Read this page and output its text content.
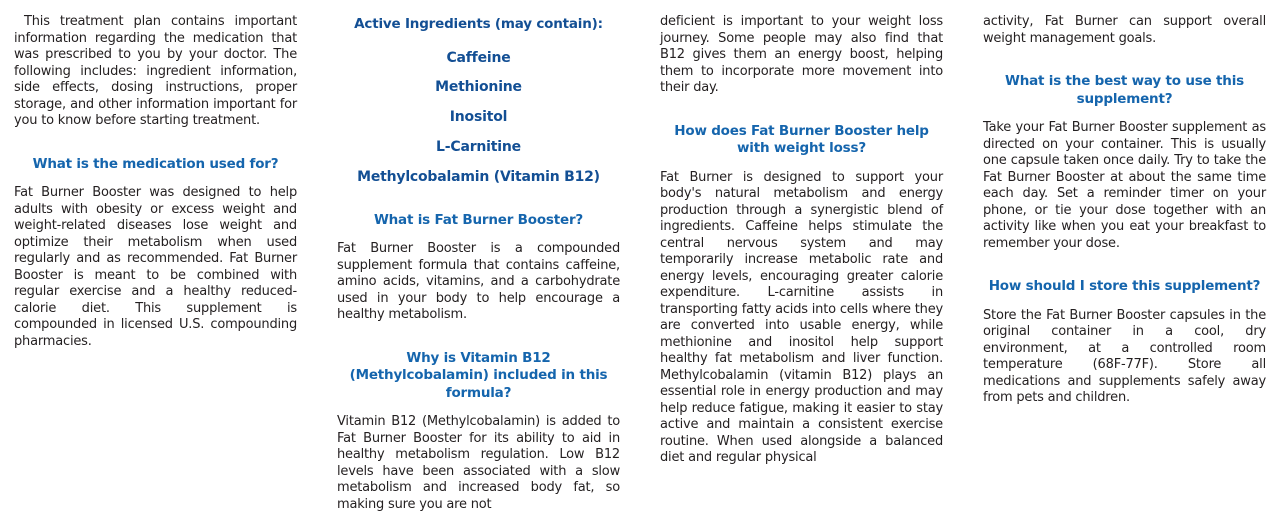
This treatment plan contains important information regarding the medication that was prescribed to you by your doctor. The following includes: ingredient information, side effects, dosing instructions, proper storage, and other information important for you to know before starting treatment.

What is the medication used for?

Fat Burner Booster was designed to help adults with obesity or excess weight and weight-related diseases lose weight and optimize their metabolism when used regularly and as recommended. Fat Burner Booster is meant to be combined with regular exercise and a healthy reduced-calorie diet. This supplement is compounded in licensed U.S. compounding pharmacies.

Active Ingredients (may contain):
Caffeine
Methionine
Inositol
L-Carnitine
Methylcobalamin (Vitamin B12)
What is Fat Burner Booster?

Fat Burner Booster is a compounded supplement formula that contains caffeine, amino acids, vitamins, and a carbohydrate used in your body to help encourage a healthy metabolism.

Why is Vitamin B12 (Methylcobalamin) included in this formula?

Vitamin B12 (Methylcobalamin) is added to Fat Burner Booster for its ability to aid in healthy metabolism regulation. Low B12 levels have been associated with a slow metabolism and increased body fat, so making sure you are not

deficient is important to your weight loss journey. Some people may also find that B12 gives them an energy boost, helping them to incorporate more movement into their day.

How does Fat Burner Booster help with weight loss?

Fat Burner is designed to support your body's natural metabolism and energy production through a synergistic blend of ingredients. Caffeine helps stimulate the central nervous system and may temporarily increase metabolic rate and energy levels, encouraging greater calorie expenditure. L-carnitine assists in transporting fatty acids into cells where they are converted into usable energy, while methionine and inositol help support healthy fat metabolism and liver function. Methylcobalamin (vitamin B12) plays an essential role in energy production and may help reduce fatigue, making it easier to stay active and maintain a consistent exercise routine. When used alongside a balanced diet and regular physical

activity, Fat Burner can support overall weight management goals.

What is the best way to use this supplement?

Take your Fat Burner Booster supplement as directed on your container. This is usually one capsule taken once daily. Try to take the Fat Burner Booster at about the same time each day. Set a reminder timer on your phone, or tie your dose together with an activity like when you eat your breakfast to remember your dose.

How should I store this supplement?

Store the Fat Burner Booster capsules in the original container in a cool, dry environment, at a controlled room temperature (68F-77F). Store all medications and supplements safely away from pets and children.
